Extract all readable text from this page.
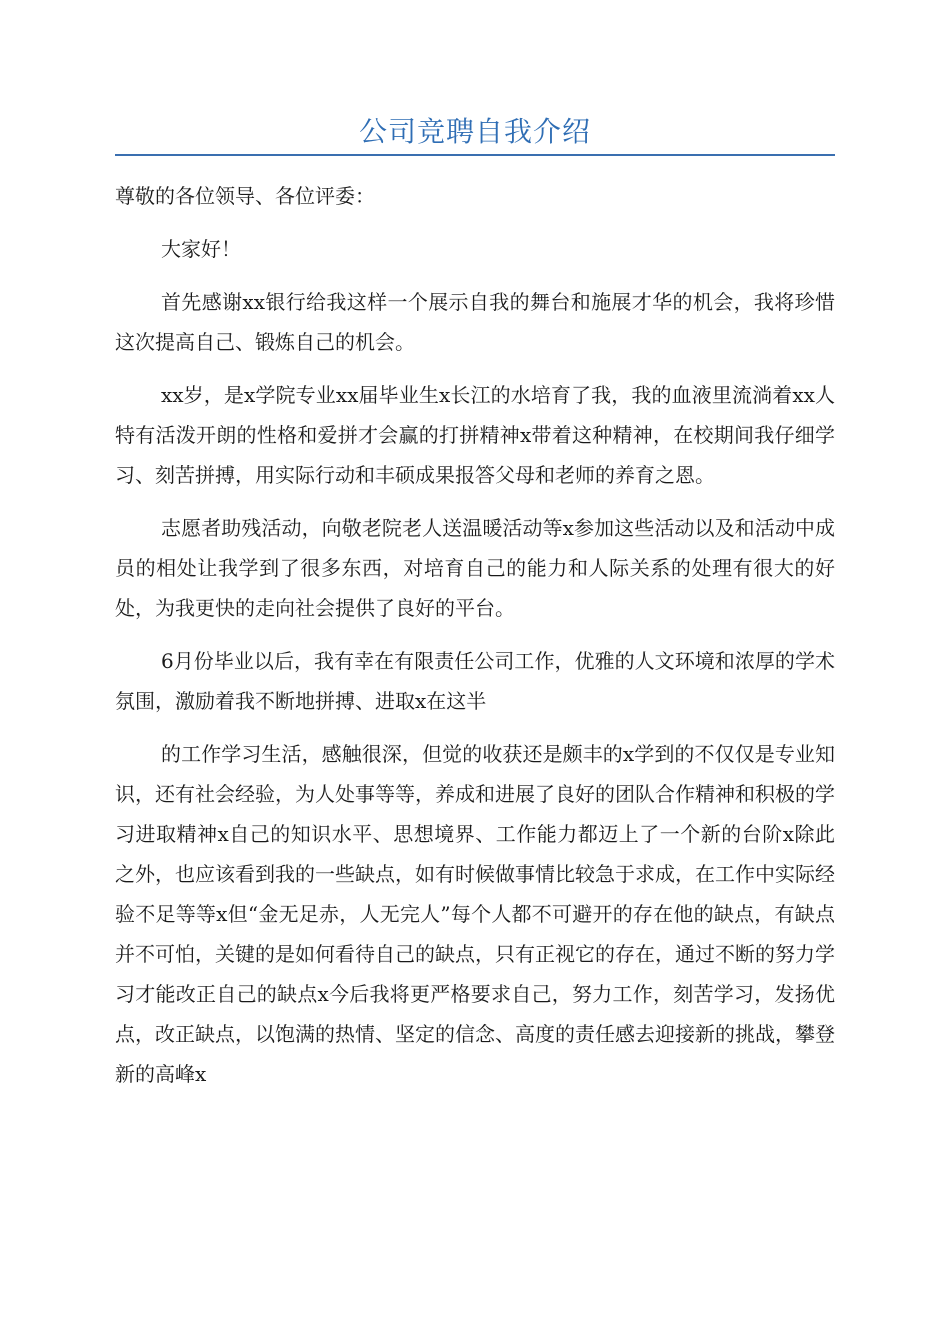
公司竞聘自我介绍

尊敬的各位领导、各位评委：

大家好！

首先感谢xx银行给我这样一个展示自我的舞台和施展才华的机会，我将珍惜这次提高自己、锻炼自己的机会。

xx岁，是x学院专业xx届毕业生x长江的水培育了我，我的血液里流淌着xx人特有活泼开朗的性格和爱拼才会赢的打拼精神x带着这种精神，在校期间我仔细学习、刻苦拼搏，用实际行动和丰硕成果报答父母和老师的养育之恩。

志愿者助残活动，向敬老院老人送温暖活动等x参加这些活动以及和活动中成员的相处让我学到了很多东西，对培育自己的能力和人际关系的处理有很大的好处，为我更快的走向社会提供了良好的平台。

6月份毕业以后，我有幸在有限责任公司工作，优雅的人文环境和浓厚的学术氛围，激励着我不断地拼搏、进取x在这半

的工作学习生活，感触很深，但觉的收获还是颇丰的x学到的不仅仅是专业知识，还有社会经验，为人处事等等，养成和进展了良好的团队合作精神和积极的学习进取精神x自己的知识水平、思想境界、工作能力都迈上了一个新的台阶x除此之外，也应该看到我的一些缺点，如有时候做事情比较急于求成，在工作中实际经验不足等等x但“金无足赤，人无完人”每个人都不可避开的存在他的缺点，有缺点并不可怕，关键的是如何看待自己的缺点，只有正视它的存在，通过不断的努力学习才能改正自己的缺点x今后我将更严格要求自己，努力工作，刻苦学习，发扬优点，改正缺点，以饱满的热情、坚定的信念、高度的责任感去迎接新的挑战，攀登新的高峰x
